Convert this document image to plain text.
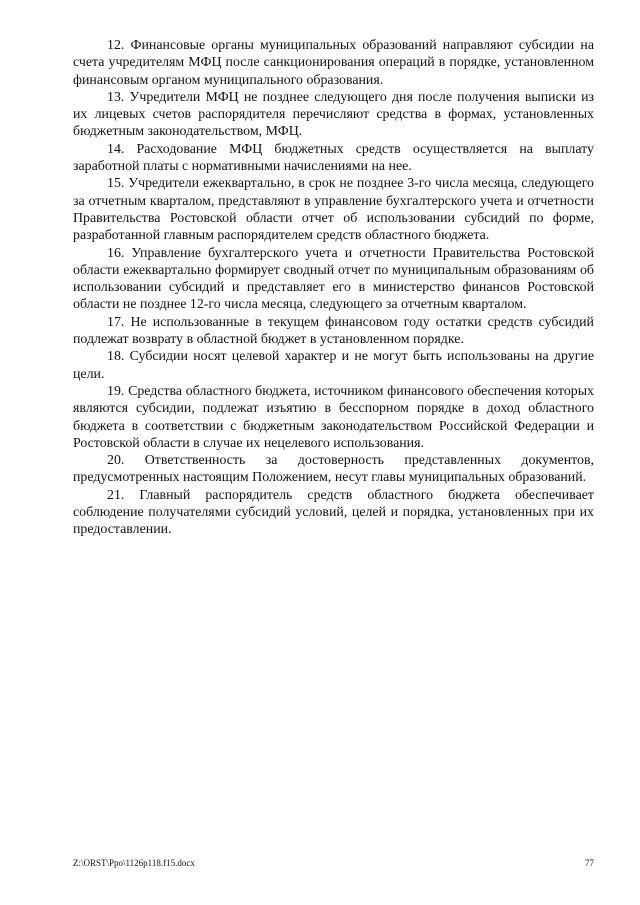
12. Финансовые органы муниципальных образований направляют субсидии на счета учредителям МФЦ после санкционирования операций в порядке, установленном финансовым органом муниципального образования.

13. Учредители МФЦ не позднее следующего дня после получения выписки из их лицевых счетов распорядителя перечисляют средства в формах, установленных бюджетным законодательством, МФЦ.

14. Расходование МФЦ бюджетных средств осуществляется на выплату заработной платы с нормативными начислениями на нее.

15. Учредители ежеквартально, в срок не позднее 3-го числа месяца, следующего за отчетным кварталом, представляют в управление бухгалтерского учета и отчетности Правительства Ростовской области отчет об использовании субсидий по форме, разработанной главным распорядителем средств областного бюджета.

16. Управление бухгалтерского учета и отчетности Правительства Ростовской области ежеквартально формирует сводный отчет по муниципальным образованиям об использовании субсидий и представляет его в министерство финансов Ростовской области не позднее 12-го числа месяца, следующего за отчетным кварталом.

17. Не использованные в текущем финансовом году остатки средств субсидий подлежат возврату в областной бюджет в установленном порядке.

18. Субсидии носят целевой характер и не могут быть использованы на другие цели.

19. Средства областного бюджета, источником финансового обеспечения которых являются субсидии, подлежат изъятию в бесспорном порядке в доход областного бюджета в соответствии с бюджетным законодательством Российской Федерации и Ростовской области в случае их нецелевого использования.

20. Ответственность за достоверность представленных документов, предусмотренных настоящим Положением, несут главы муниципальных образований.

21. Главный распорядитель средств областного бюджета обеспечивает соблюдение получателями субсидий условий, целей и порядка, установленных при их предоставлении.

Z:\ORST\Ppo\1126p118.f15.docx	77
